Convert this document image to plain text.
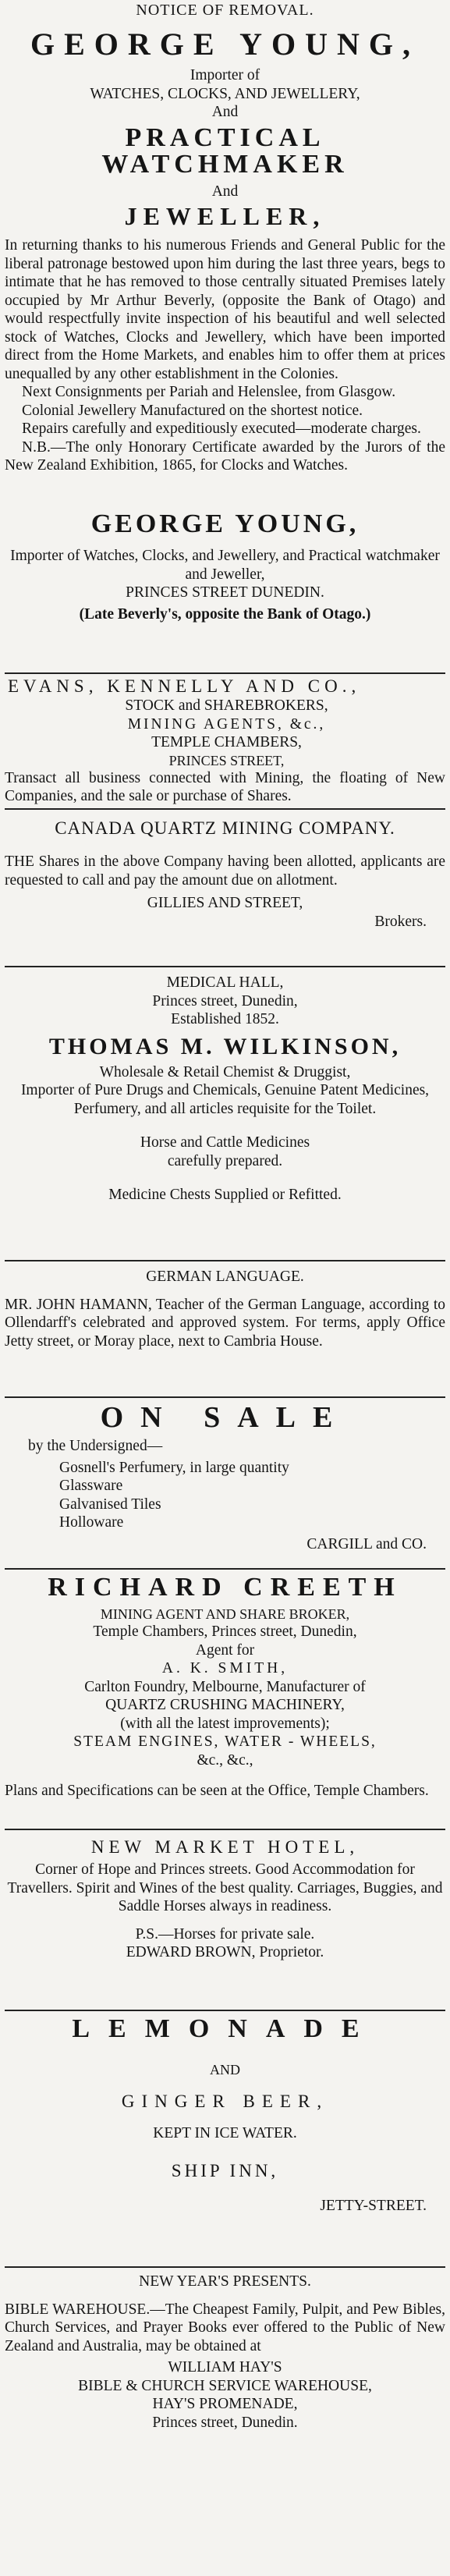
NOTICE OF REMOVAL.

GEORGE YOUNG,

Importer of

WATCHES, CLOCKS, AND JEWELLERY,

And

PRACTICAL WATCHMAKER

And

JEWELLER,

In returning thanks to his numerous Friends and General Public for the liberal patronage bestowed upon him during the last three years, begs to intimate that he has removed to those centrally situated Premises lately occupied by Mr Arthur Beverly, (opposite the Bank of Otago) and would respectfully invite inspection of his beautiful and well selected stock of Watches, Clocks and Jewellery, which have been imported direct from the Home Markets, and enables him to offer them at prices unequalled by any other establishment in the Colonies.

Next Consignments per Pariah and Helenslee, from Glasgow.

Colonial Jewellery Manufactured on the shortest notice.

Repairs carefully and expeditiously executed—moderate charges.

N.B.—The only Honorary Certificate awarded by the Jurors of the New Zealand Exhibition, 1865, for Clocks and Watches.

GEORGE YOUNG,

Importer of Watches, Clocks, and Jewellery, and Practical watchmaker and Jeweller,

PRINCES STREET DUNEDIN.

(Late Beverly's, opposite the Bank of Otago.)

EVANS, KENNELLY AND CO.,

STOCK and SHAREBROKERS,

MINING AGENTS, &c.,

TEMPLE CHAMBERS,

PRINCES STREET,

Transact all business connected with Mining, the floating of New Companies, and the sale or purchase of Shares.

CANADA QUARTZ MINING COMPANY.

THE Shares in the above Company having been allotted, applicants are requested to call and pay the amount due on allotment.

GILLIES AND STREET,

Brokers.

MEDICAL HALL,

Princes street, Dunedin,

Established 1852.

THOMAS M. WILKINSON,

Wholesale & Retail Chemist & Druggist,

Importer of Pure Drugs and Chemicals, Genuine Patent Medicines, Perfumery, and all articles requisite for the Toilet.

Horse and Cattle Medicines

carefully prepared.

Medicine Chests Supplied or Refitted.

GERMAN LANGUAGE.

MR. JOHN HAMANN, Teacher of the German Language, according to Ollendarff's celebrated and approved system. For terms, apply Office Jetty street, or Moray place, next to Cambria House.

ON SALE

by the Undersigned—

Gosnell's Perfumery, in large quantity

Glassware

Galvanised Tiles

Holloware

CARGILL and CO.

RICHARD CREETH

MINING AGENT AND SHARE BROKER,

Temple Chambers, Princes street, Dunedin,

Agent for

A. K. SMITH,

Carlton Foundry, Melbourne, Manufacturer of

QUARTZ CRUSHING MACHINERY,

(with all the latest improvements);

STEAM ENGINES, WATER - WHEELS,

&c., &c.,

Plans and Specifications can be seen at the Office, Temple Chambers.

NEW MARKET HOTEL,

Corner of Hope and Princes streets. Good Accommodation for Travellers. Spirit and Wines of the best quality. Carriages, Buggies, and Saddle Horses always in readiness.

P.S.—Horses for private sale.

EDWARD BROWN, Proprietor.

LEMONADE

AND

GINGER BEER,

KEPT IN ICE WATER.

SHIP INN,

JETTY-STREET.

NEW YEAR'S PRESENTS.

BIBLE WAREHOUSE.—The Cheapest Family, Pulpit, and Pew Bibles, Church Services, and Prayer Books ever offered to the Public of New Zealand and Australia, may be obtained at

WILLIAM HAY'S

BIBLE & CHURCH SERVICE WAREHOUSE,

HAY'S PROMENADE,

Princes street, Dunedin.
